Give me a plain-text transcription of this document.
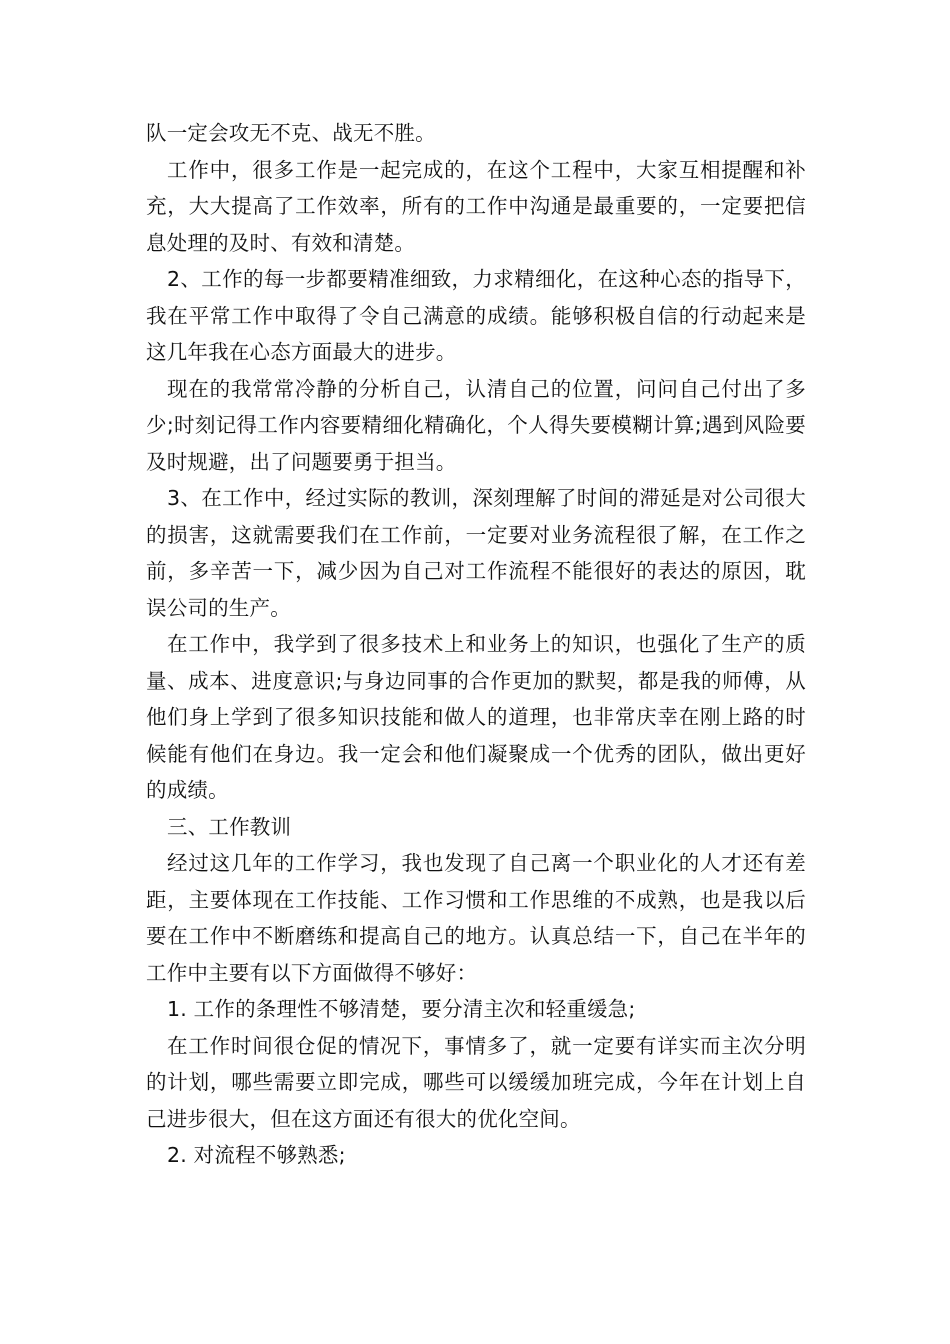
队一定会攻无不克、战无不胜。

工作中，很多工作是一起完成的，在这个工程中，大家互相提醒和补充，大大提高了工作效率，所有的工作中沟通是最重要的，一定要把信息处理的及时、有效和清楚。

2、工作的每一步都要精准细致，力求精细化，在这种心态的指导下，我在平常工作中取得了令自己满意的成绩。能够积极自信的行动起来是这几年我在心态方面最大的进步。

现在的我常常冷静的分析自己，认清自己的位置，问问自己付出了多少;时刻记得工作内容要精细化精确化，个人得失要模糊计算;遇到风险要及时规避，出了问题要勇于担当。

3、在工作中，经过实际的教训，深刻理解了时间的滞延是对公司很大的损害，这就需要我们在工作前，一定要对业务流程很了解，在工作之前，多辛苦一下，减少因为自己对工作流程不能很好的表达的原因，耽误公司的生产。

在工作中，我学到了很多技术上和业务上的知识，也强化了生产的质量、成本、进度意识;与身边同事的合作更加的默契，都是我的师傅，从他们身上学到了很多知识技能和做人的道理，也非常庆幸在刚上路的时候能有他们在身边。我一定会和他们凝聚成一个优秀的团队，做出更好的成绩。

三、工作教训

经过这几年的工作学习，我也发现了自己离一个职业化的人才还有差距，主要体现在工作技能、工作习惯和工作思维的不成熟，也是我以后要在工作中不断磨练和提高自己的地方。认真总结一下，自己在半年的工作中主要有以下方面做得不够好：

1. 工作的条理性不够清楚，要分清主次和轻重缓急;

在工作时间很仓促的情况下，事情多了，就一定要有详实而主次分明的计划，哪些需要立即完成，哪些可以缓缓加班完成，今年在计划上自己进步很大，但在这方面还有很大的优化空间。

2. 对流程不够熟悉;
